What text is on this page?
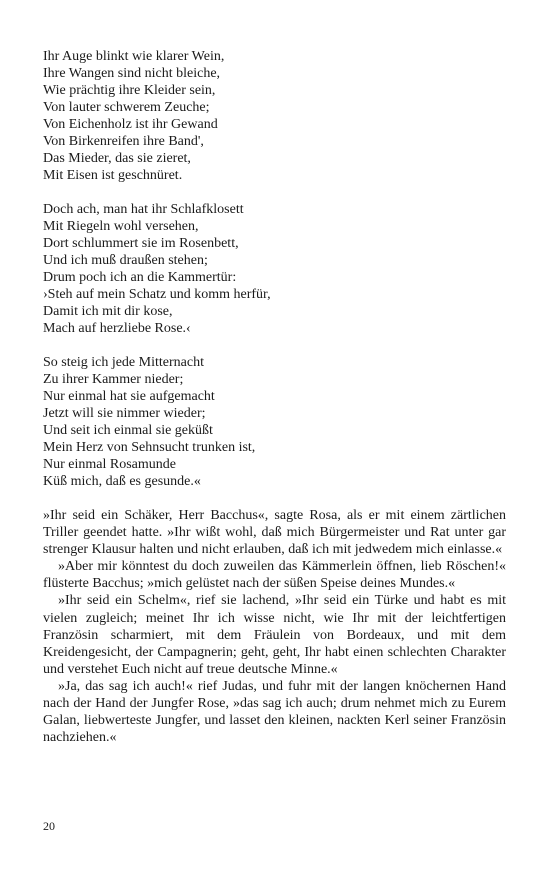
Ihr Auge blinkt wie klarer Wein,
Ihre Wangen sind nicht bleiche,
Wie prächtig ihre Kleider sein,
Von lauter schwerem Zeuche;
Von Eichenholz ist ihr Gewand
Von Birkenreifen ihre Band',
Das Mieder, das sie zieret,
Mit Eisen ist geschnüret.
Doch ach, man hat ihr Schlafklosett
Mit Riegeln wohl versehen,
Dort schlummert sie im Rosenbett,
Und ich muß draußen stehen;
Drum poch ich an die Kammertür:
›Steh auf mein Schatz und komm herfür,
Damit ich mit dir kose,
Mach auf herzliebe Rose.‹
So steig ich jede Mitternacht
Zu ihrer Kammer nieder;
Nur einmal hat sie aufgemacht
Jetzt will sie nimmer wieder;
Und seit ich einmal sie geküßt
Mein Herz von Sehnsucht trunken ist,
Nur einmal Rosamunde
Küß mich, daß es gesunde.«

»Ihr seid ein Schäker, Herr Bacchus«, sagte Rosa, als er mit einem zärtlichen Triller geendet hatte. »Ihr wißt wohl, daß mich Bürgermeister und Rat unter gar strenger Klausur halten und nicht erlauben, daß ich mit jedwedem mich einlasse.«

»Aber mir könntest du doch zuweilen das Kämmerlein öffnen, lieb Röschen!« flüsterte Bacchus; »mich gelüstet nach der süßen Speise deines Mundes.«

»Ihr seid ein Schelm«, rief sie lachend, »Ihr seid ein Türke und habt es mit vielen zugleich; meinet Ihr ich wisse nicht, wie Ihr mit der leichtfertigen Französin scharmiert, mit dem Fräulein von Bordeaux, und mit dem Kreidengesicht, der Campagnerin; geht, geht, Ihr habt einen schlechten Charakter und verstehet Euch nicht auf treue deutsche Minne.«

»Ja, das sag ich auch!« rief Judas, und fuhr mit der langen knöchernen Hand nach der Hand der Jungfer Rose, »das sag ich auch; drum nehmet mich zu Eurem Galan, liebwerteste Jungfer, und lasset den kleinen, nackten Kerl seiner Französin nachziehen.«

20
